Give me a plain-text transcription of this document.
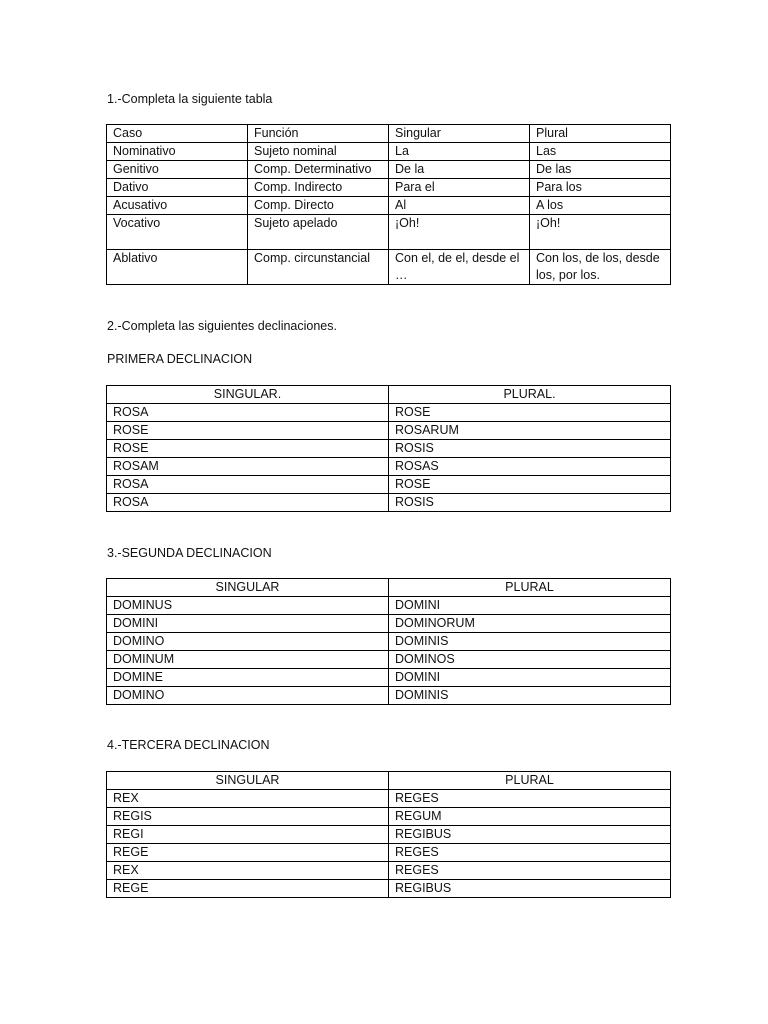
1.-Completa la siguiente tabla

Caso	Función	Singular	Plural
Nominativo	Sujeto nominal	La	Las
Genitivo	Comp. Determinativo	De la	De las
Dativo	Comp. Indirecto	Para el	Para los
Acusativo	Comp. Directo	Al	A los
Vocativo	Sujeto apelado	¡Oh!	¡Oh!
Ablativo	Comp. circunstancial	Con el, de el, desde el …	Con los, de los, desde los, por los.

2.-Completa las siguientes declinaciones.

PRIMERA DECLINACION

SINGULAR.	PLURAL.
ROSA	ROSE
ROSE	ROSARUM
ROSE	ROSIS
ROSAM	ROSAS
ROSA	ROSE
ROSA	ROSIS

3.-SEGUNDA DECLINACION

SINGULAR	PLURAL
DOMINUS	DOMINI
DOMINI	DOMINORUM
DOMINO	DOMINIS
DOMINUM	DOMINOS
DOMINE	DOMINI
DOMINO	DOMINIS

4.-TERCERA DECLINACION

SINGULAR	PLURAL
REX	REGES
REGIS	REGUM
REGI	REGIBUS
REGE	REGES
REX	REGES
REGE	REGIBUS
